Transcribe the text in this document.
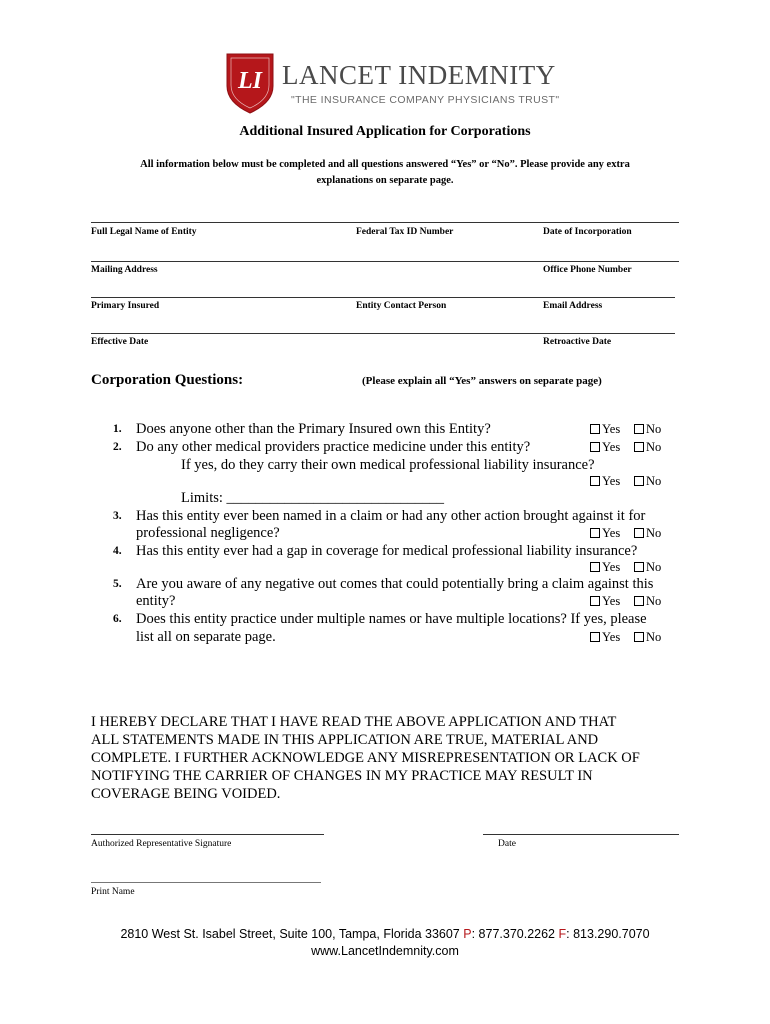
LI LANCET INDEMNITY
"THE INSURANCE COMPANY PHYSICIANS TRUST"
Additional Insured Application for Corporations
All information below must be completed and all questions answered “Yes” or “No”. Please provide any extra
explanations on separate page.
Full Legal Name of Entity	Federal Tax ID Number	Date of Incorporation
Mailing Address	Office Phone Number
Primary Insured	Entity Contact Person	Email Address
Effective Date	Retroactive Date
Corporation Questions:	(Please explain all “Yes” answers on separate page)
1. Does anyone other than the Primary Insured own this Entity?	Yes	No
2. Do any other medical providers practice medicine under this entity?	Yes	No
If yes, do they carry their own medical professional liability insurance?
Yes	No
Limits: ______________________________
3. Has this entity ever been named in a claim or had any other action brought against it for
professional negligence?	Yes	No
4. Has this entity ever had a gap in coverage for medical professional liability insurance?
Yes	No
5. Are you aware of any negative out comes that could potentially bring a claim against this
entity?	Yes	No
6. Does this entity practice under multiple names or have multiple locations? If yes, please
list all on separate page.	Yes	No
I HEREBY DECLARE THAT I HAVE READ THE ABOVE APPLICATION AND THAT
ALL STATEMENTS MADE IN THIS APPLICATION ARE TRUE, MATERIAL AND
COMPLETE. I FURTHER ACKNOWLEDGE ANY MISREPRESENTATION OR LACK OF
NOTIFYING THE CARRIER OF CHANGES IN MY PRACTICE MAY RESULT IN
COVERAGE BEING VOIDED.
Authorized Representative Signature	Date
Print Name
2810 West St. Isabel Street, Suite 100, Tampa, Florida 33607 P: 877.370.2262 F: 813.290.7070
www.LancetIndemnity.com
